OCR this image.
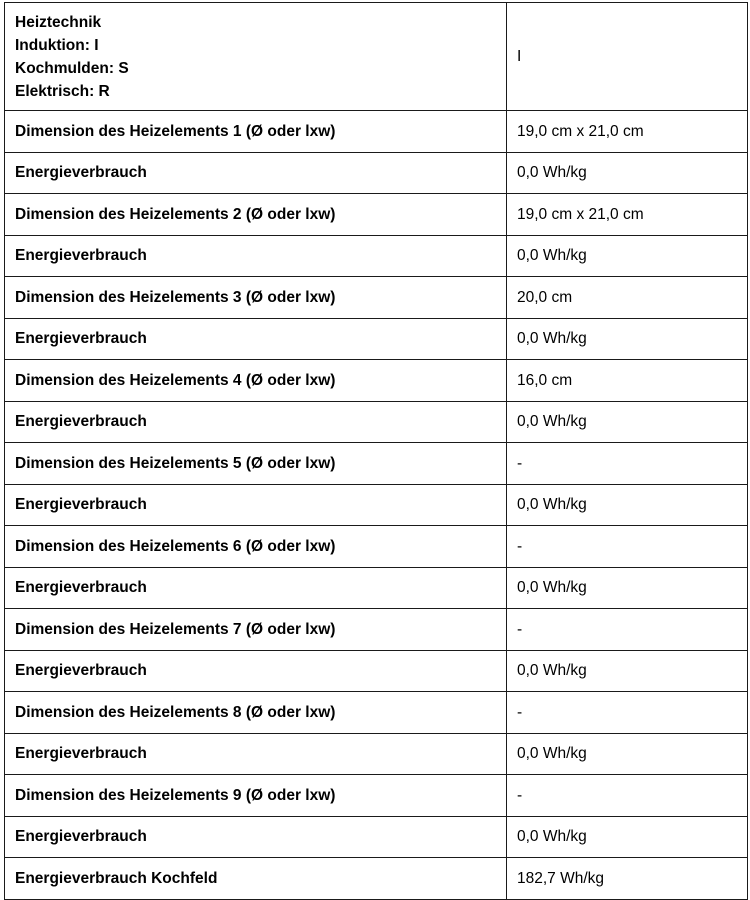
Heiztechnik
Induktion: I
Kochmulden: S
Elektrisch: R	I
Dimension des Heizelements 1 (Ø oder lxw)	19,0 cm x 21,0 cm
Energieverbrauch	0,0 Wh/kg
Dimension des Heizelements 2 (Ø oder lxw)	19,0 cm x 21,0 cm
Energieverbrauch	0,0 Wh/kg
Dimension des Heizelements 3 (Ø oder lxw)	20,0 cm
Energieverbrauch	0,0 Wh/kg
Dimension des Heizelements 4 (Ø oder lxw)	16,0 cm
Energieverbrauch	0,0 Wh/kg
Dimension des Heizelements 5 (Ø oder lxw)	-
Energieverbrauch	0,0 Wh/kg
Dimension des Heizelements 6 (Ø oder lxw)	-
Energieverbrauch	0,0 Wh/kg
Dimension des Heizelements 7 (Ø oder lxw)	-
Energieverbrauch	0,0 Wh/kg
Dimension des Heizelements 8 (Ø oder lxw)	-
Energieverbrauch	0,0 Wh/kg
Dimension des Heizelements 9 (Ø oder lxw)	-
Energieverbrauch	0,0 Wh/kg
Energieverbrauch Kochfeld	182,7 Wh/kg
